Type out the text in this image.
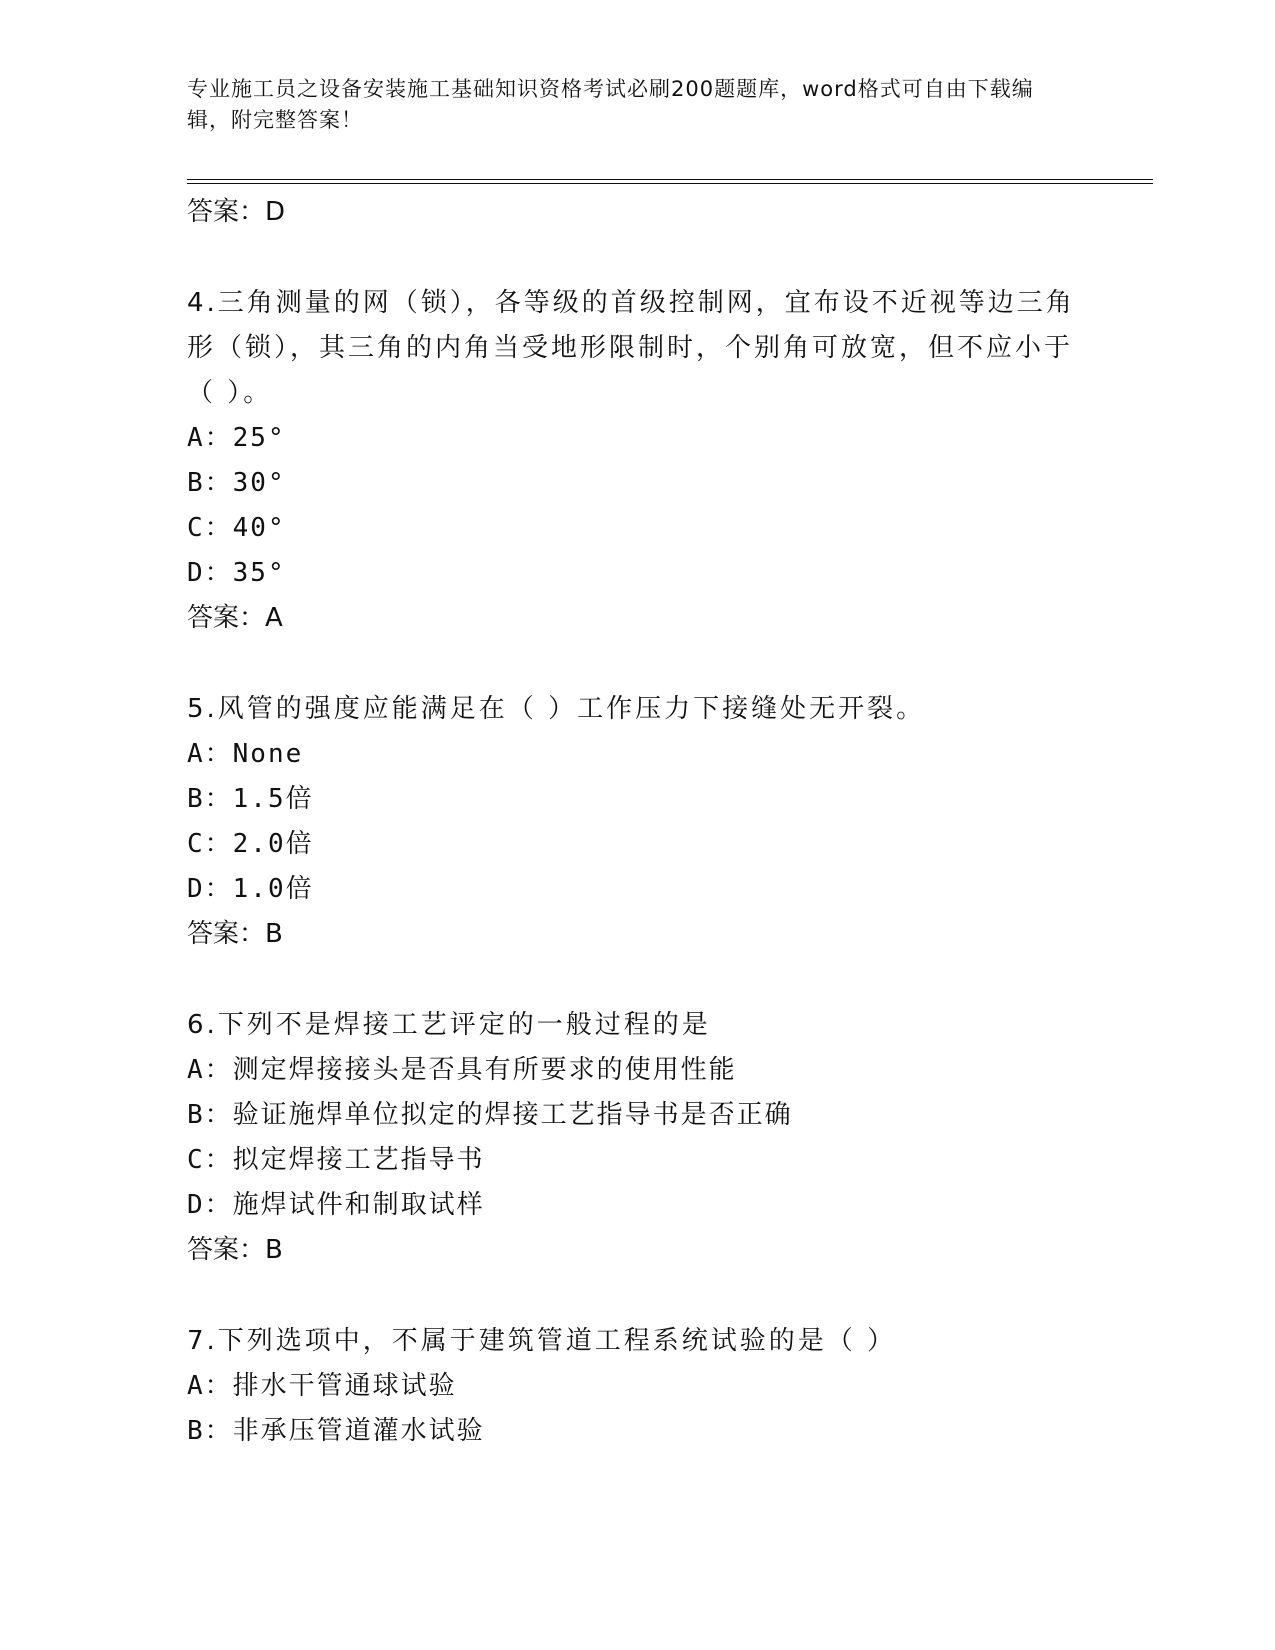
专业施工员之设备安装施工基础知识资格考试必刷200题题库，word格式可自由下载编辑，附完整答案！
答案：D
4.三角测量的网（锁），各等级的首级控制网，宜布设不近视等边三角形（锁），其三角的内角当受地形限制时，个别角可放宽，但不应小于（ ）。
A：25°
B：30°
C：40°
D：35°
答案：A
5.风管的强度应能满足在（ ）工作压力下接缝处无开裂。
A：None
B：1.5倍
C：2.0倍
D：1.0倍
答案：B
6.下列不是焊接工艺评定的一般过程的是
A：测定焊接接头是否具有所要求的使用性能
B：验证施焊单位拟定的焊接工艺指导书是否正确
C：拟定焊接工艺指导书
D：施焊试件和制取试样
答案：B
7.下列选项中，不属于建筑管道工程系统试验的是（ ）
A：排水干管通球试验
B：非承压管道灌水试验
